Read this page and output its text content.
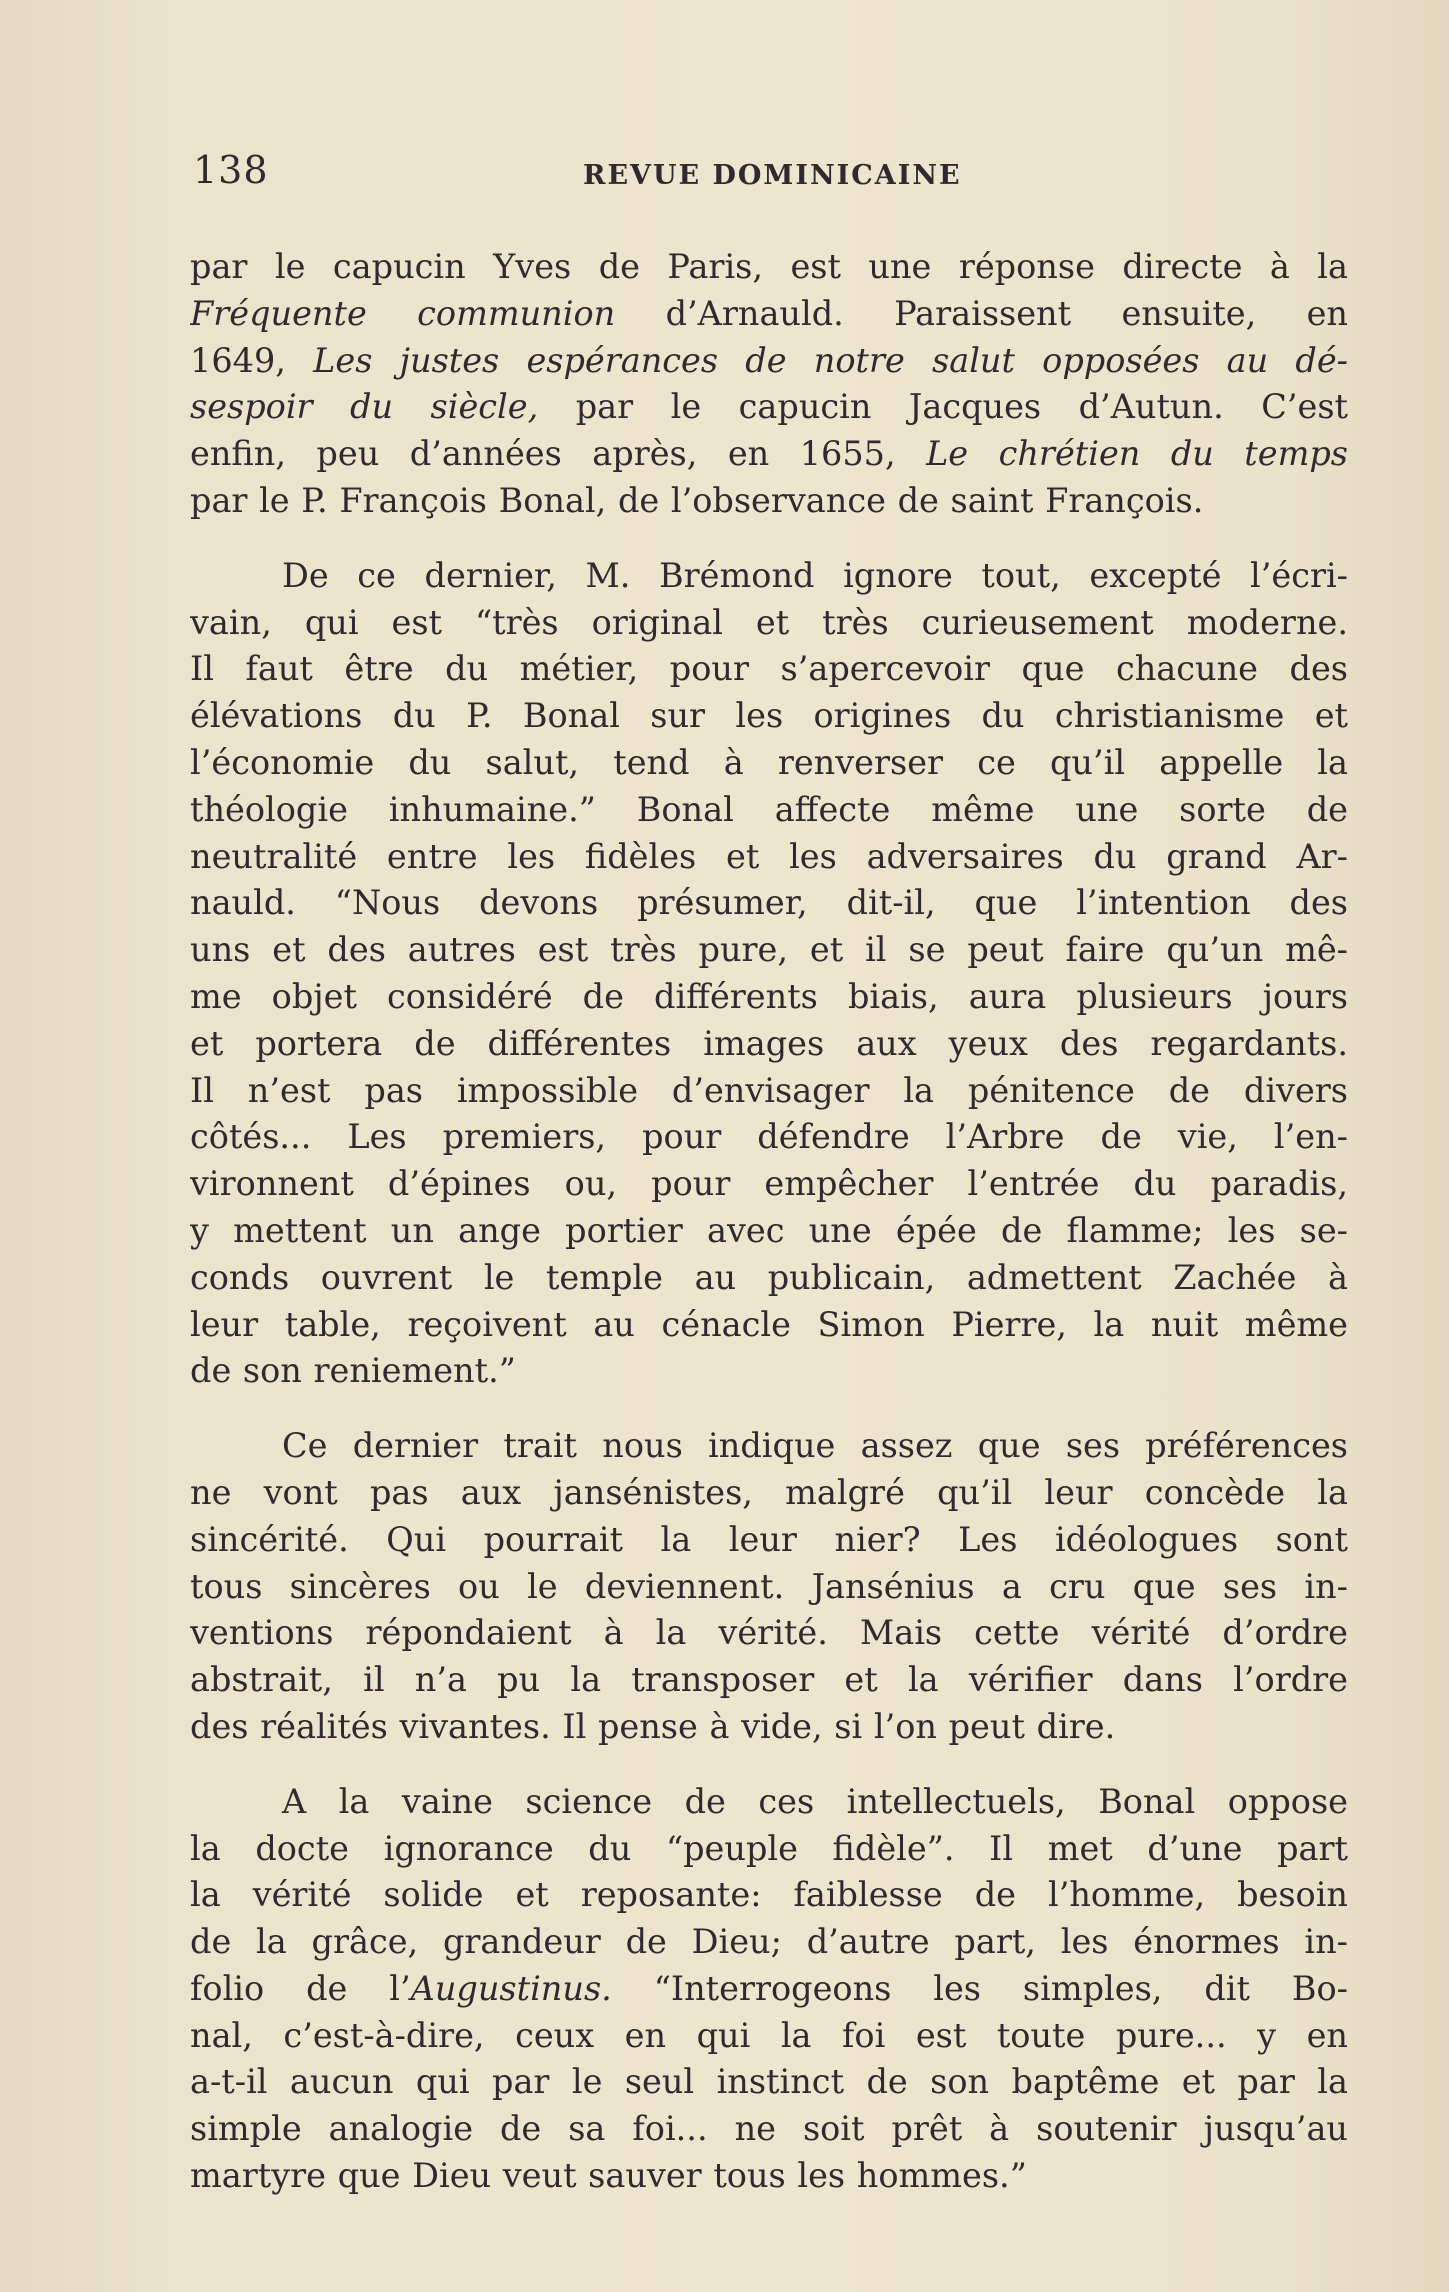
138	REVUE DOMINICAINE
par le capucin Yves de Paris, est une réponse directe à la
Fréquente communion d’Arnauld. Paraissent ensuite, en
1649, Les justes espérances de notre salut opposées au dé-
sespoir du siècle, par le capucin Jacques d’Autun. C’est
enfin, peu d’années après, en 1655, Le chrétien du temps
par le P. François Bonal, de l’observance de saint François.
De ce dernier, M. Brémond ignore tout, excepté l’écri-
vain, qui est “très original et très curieusement moderne.
Il faut être du métier, pour s’apercevoir que chacune des
élévations du P. Bonal sur les origines du christianisme et
l’économie du salut, tend à renverser ce qu’il appelle la
théologie inhumaine.” Bonal affecte même une sorte de
neutralité entre les fidèles et les adversaires du grand Ar-
nauld. “Nous devons présumer, dit-il, que l’intention des
uns et des autres est très pure, et il se peut faire qu’un mê-
me objet considéré de différents biais, aura plusieurs jours
et portera de différentes images aux yeux des regardants.
Il n’est pas impossible d’envisager la pénitence de divers
côtés... Les premiers, pour défendre l’Arbre de vie, l’en-
vironnent d’épines ou, pour empêcher l’entrée du paradis,
y mettent un ange portier avec une épée de flamme; les se-
conds ouvrent le temple au publicain, admettent Zachée à
leur table, reçoivent au cénacle Simon Pierre, la nuit même
de son reniement.”
Ce dernier trait nous indique assez que ses préférences
ne vont pas aux jansénistes, malgré qu’il leur concède la
sincérité. Qui pourrait la leur nier? Les idéologues sont
tous sincères ou le deviennent. Jansénius a cru que ses in-
ventions répondaient à la vérité. Mais cette vérité d’ordre
abstrait, il n’a pu la transposer et la vérifier dans l’ordre
des réalités vivantes. Il pense à vide, si l’on peut dire.
A la vaine science de ces intellectuels, Bonal oppose
la docte ignorance du “peuple fidèle”. Il met d’une part
la vérité solide et reposante: faiblesse de l’homme, besoin
de la grâce, grandeur de Dieu; d’autre part, les énormes in-
folio de l’Augustinus. “Interrogeons les simples, dit Bo-
nal, c’est-à-dire, ceux en qui la foi est toute pure... y en
a-t-il aucun qui par le seul instinct de son baptême et par la
simple analogie de sa foi... ne soit prêt à soutenir jusqu’au
martyre que Dieu veut sauver tous les hommes.”
